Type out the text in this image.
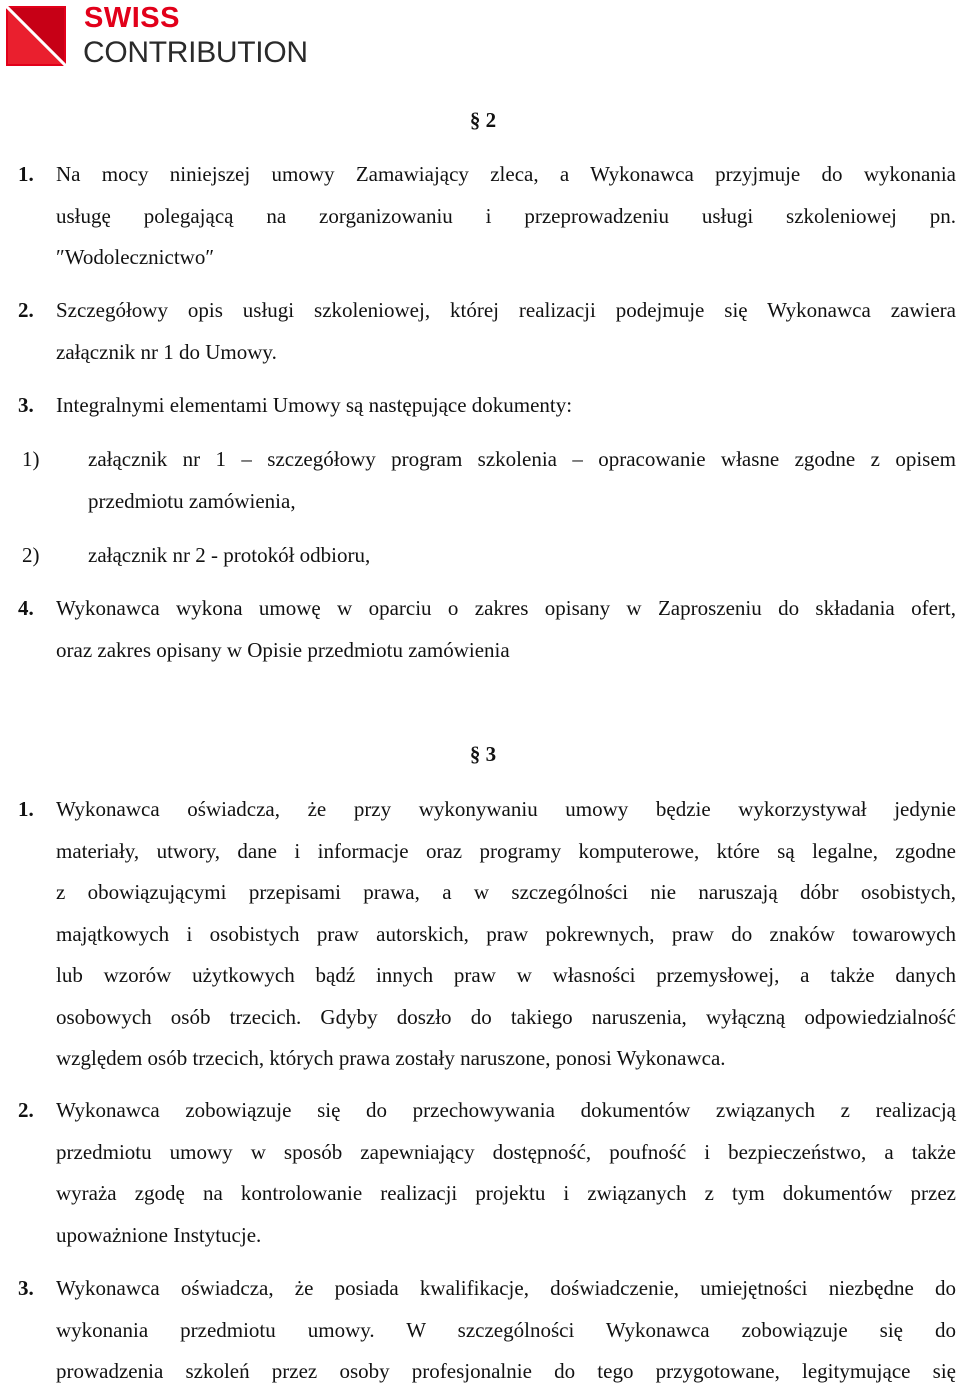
SWISS
CONTRIBUTION
§ 2
1. Na mocy niniejszej umowy Zamawiający zleca, a Wykonawca przyjmuje do wykonania
usługę polegającą na zorganizowaniu i przeprowadzeniu usługi szkoleniowej pn.
″Wodolecznictwo″
2. Szczegółowy opis usługi szkoleniowej, której realizacji podejmuje się Wykonawca zawiera
załącznik nr 1 do Umowy.
3. Integralnymi elementami Umowy są następujące dokumenty:
1) załącznik nr 1 – szczegółowy program szkolenia – opracowanie własne zgodne z opisem
przedmiotu zamówienia,
2) załącznik nr 2 - protokół odbioru,
4. Wykonawca wykona umowę w oparciu o zakres opisany w Zaproszeniu do składania ofert,
oraz zakres opisany w Opisie przedmiotu zamówienia
§ 3
1. Wykonawca oświadcza, że przy wykonywaniu umowy będzie wykorzystywał jedynie
materiały, utwory, dane i informacje oraz programy komputerowe, które są legalne, zgodne
z obowiązującymi przepisami prawa, a w szczególności nie naruszają dóbr osobistych,
majątkowych i osobistych praw autorskich, praw pokrewnych, praw do znaków towarowych
lub wzorów użytkowych bądź innych praw w własności przemysłowej, a także danych
osobowych osób trzecich. Gdyby doszło do takiego naruszenia, wyłączną odpowiedzialność
względem osób trzecich, których prawa zostały naruszone, ponosi Wykonawca.
2. Wykonawca zobowiązuje się do przechowywania dokumentów związanych z realizacją
przedmiotu umowy w sposób zapewniający dostępność, poufność i bezpieczeństwo, a także
wyraża zgodę na kontrolowanie realizacji projektu i związanych z tym dokumentów przez
upoważnione Instytucje.
3. Wykonawca oświadcza, że posiada kwalifikacje, doświadczenie, umiejętności niezbędne do
wykonania przedmiotu umowy. W szczególności Wykonawca zobowiązuje się do
prowadzenia szkoleń przez osoby profesjonalnie do tego przygotowane, legitymujące się
